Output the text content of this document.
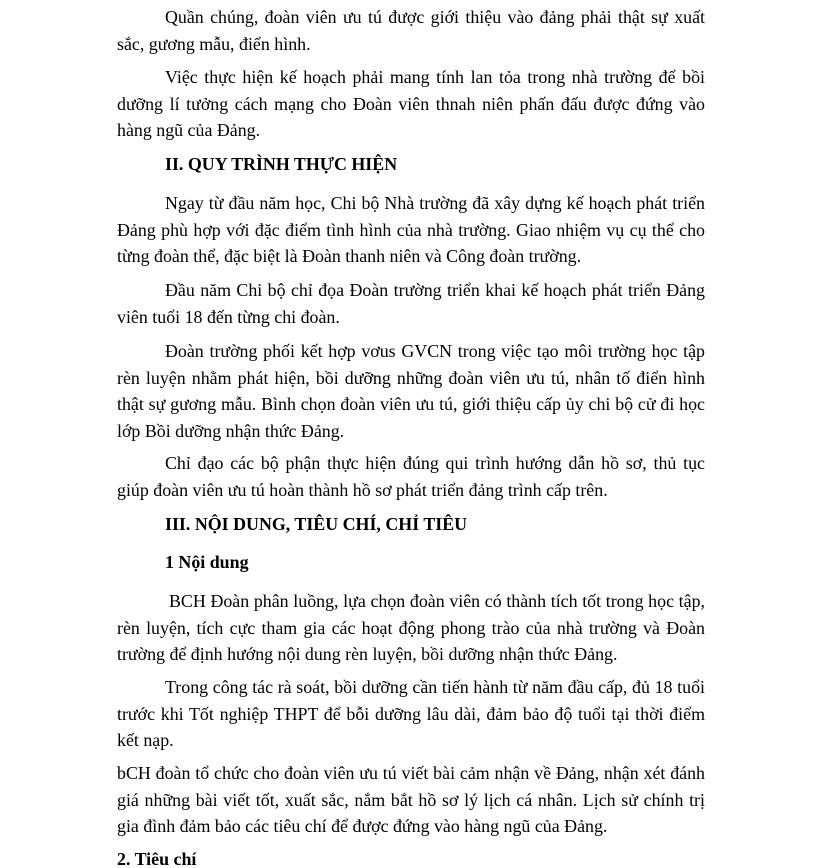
Quần chúng, đoàn viên ưu tú được giới thiệu vào đảng phải thật sự xuất sắc, gương mẫu, điển hình.

Việc thực hiện kế hoạch phải mang tính lan tỏa trong nhà trường để bồi dưỡng lí tưởng cách mạng cho Đoàn viên thnah niên phấn đấu được đứng vào hàng ngũ của Đảng.

II. QUY TRÌNH THỰC HIỆN

Ngay từ đầu năm học, Chi bộ Nhà trường đã xây dựng kế hoạch phát triển Đảng phù hợp với đặc điểm tình hình của nhà trường. Giao nhiệm vụ cụ thể cho từng đoàn thể, đặc biệt là Đoàn thanh niên và Công đoàn trường.

Đầu năm Chi bộ chỉ đọa Đoàn trường triển khai kế hoạch phát triển Đảng viên tuổi 18 đến từng chi đoàn.

Đoàn trường phối kết hợp vơus GVCN trong việc tạo môi trường học tập rèn luyện nhằm phát hiện, bồi dưỡng những đoàn viên ưu tú, nhân tố điển hình thật sự gương mẫu. Bình chọn đoàn viên ưu tú, giới thiệu cấp ủy chi bộ cử đi học lớp Bồi dưỡng nhận thức Đảng.

Chỉ đạo các bộ phận thực hiện đúng qui trình hướng dẫn hồ sơ, thủ tục giúp đoàn viên ưu tú hoàn thành hồ sơ phát triển đảng trình cấp trên.

III. NỘI DUNG, TIÊU CHÍ, CHỈ TIÊU
1 Nội dung

BCH Đoàn phân luồng, lựa chọn đoàn viên có thành tích tốt trong học tập, rèn luyện, tích cực tham gia các hoạt động phong trào của nhà trường và Đoàn trường để định hướng nội dung rèn luyện, bồi dưỡng nhận thức Đảng.

Trong công tác rà soát, bồi dưỡng cần tiến hành từ năm đầu cấp, đủ 18 tuổi trước khi Tốt nghiệp THPT để bỗi dưỡng lâu dài, đảm bảo độ tuổi tại thời điểm kết nạp.

bCH đoàn tổ chức cho đoàn viên ưu tú viết bài cảm nhận về Đảng, nhận xét đánh giá những bài viết tốt, xuất sắc, nắm bắt hồ sơ lý lịch cá nhân. Lịch sử chính trị gia đình đảm bảo các tiêu chí để được đứng vào hàng ngũ của Đảng.

2. Tiêu chí
